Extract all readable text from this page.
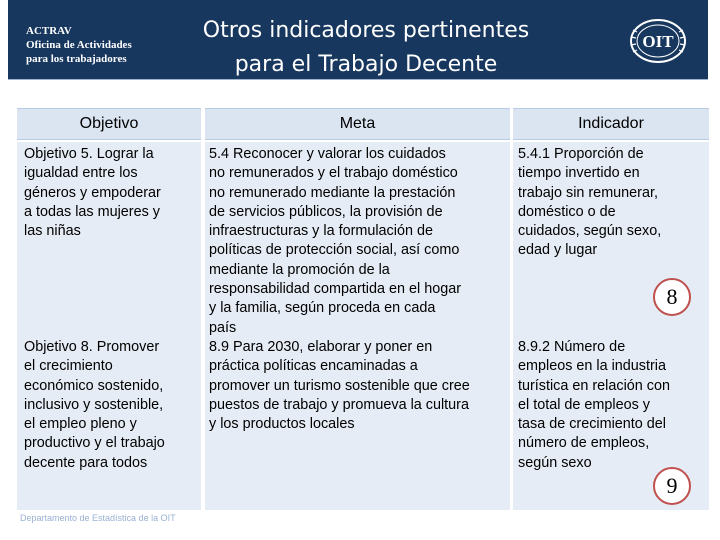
ACTRAV
Oficina de Actividades
para los trabajadores
Otros indicadores pertinentes
para el Trabajo Decente
OIT
Objetivo	Meta	Indicador
Objetivo 5. Lograr la
igualdad entre los
géneros y empoderar
a todas las mujeres y
las niñas
5.4 Reconocer y valorar los cuidados
no remunerados y el trabajo doméstico
no remunerado mediante la prestación
de servicios públicos, la provisión de
infraestructuras y la formulación de
políticas de protección social, así como
mediante la promoción de la
responsabilidad compartida en el hogar
y la familia, según proceda en cada
país
5.4.1 Proporción de
tiempo invertido en
trabajo sin remunerar,
doméstico o de
cuidados, según sexo,
edad y lugar
8
Objetivo 8. Promover
el crecimiento
económico sostenido,
inclusivo y sostenible,
el empleo pleno y
productivo y el trabajo
decente para todos
8.9 Para 2030, elaborar y poner en
práctica políticas encaminadas a
promover un turismo sostenible que cree
puestos de trabajo y promueva la cultura
y los productos locales
8.9.2 Número de
empleos en la industria
turística en relación con
el total de empleos y
tasa de crecimiento del
número de empleos,
según sexo
9
Departamento de Estadística de la OIT
